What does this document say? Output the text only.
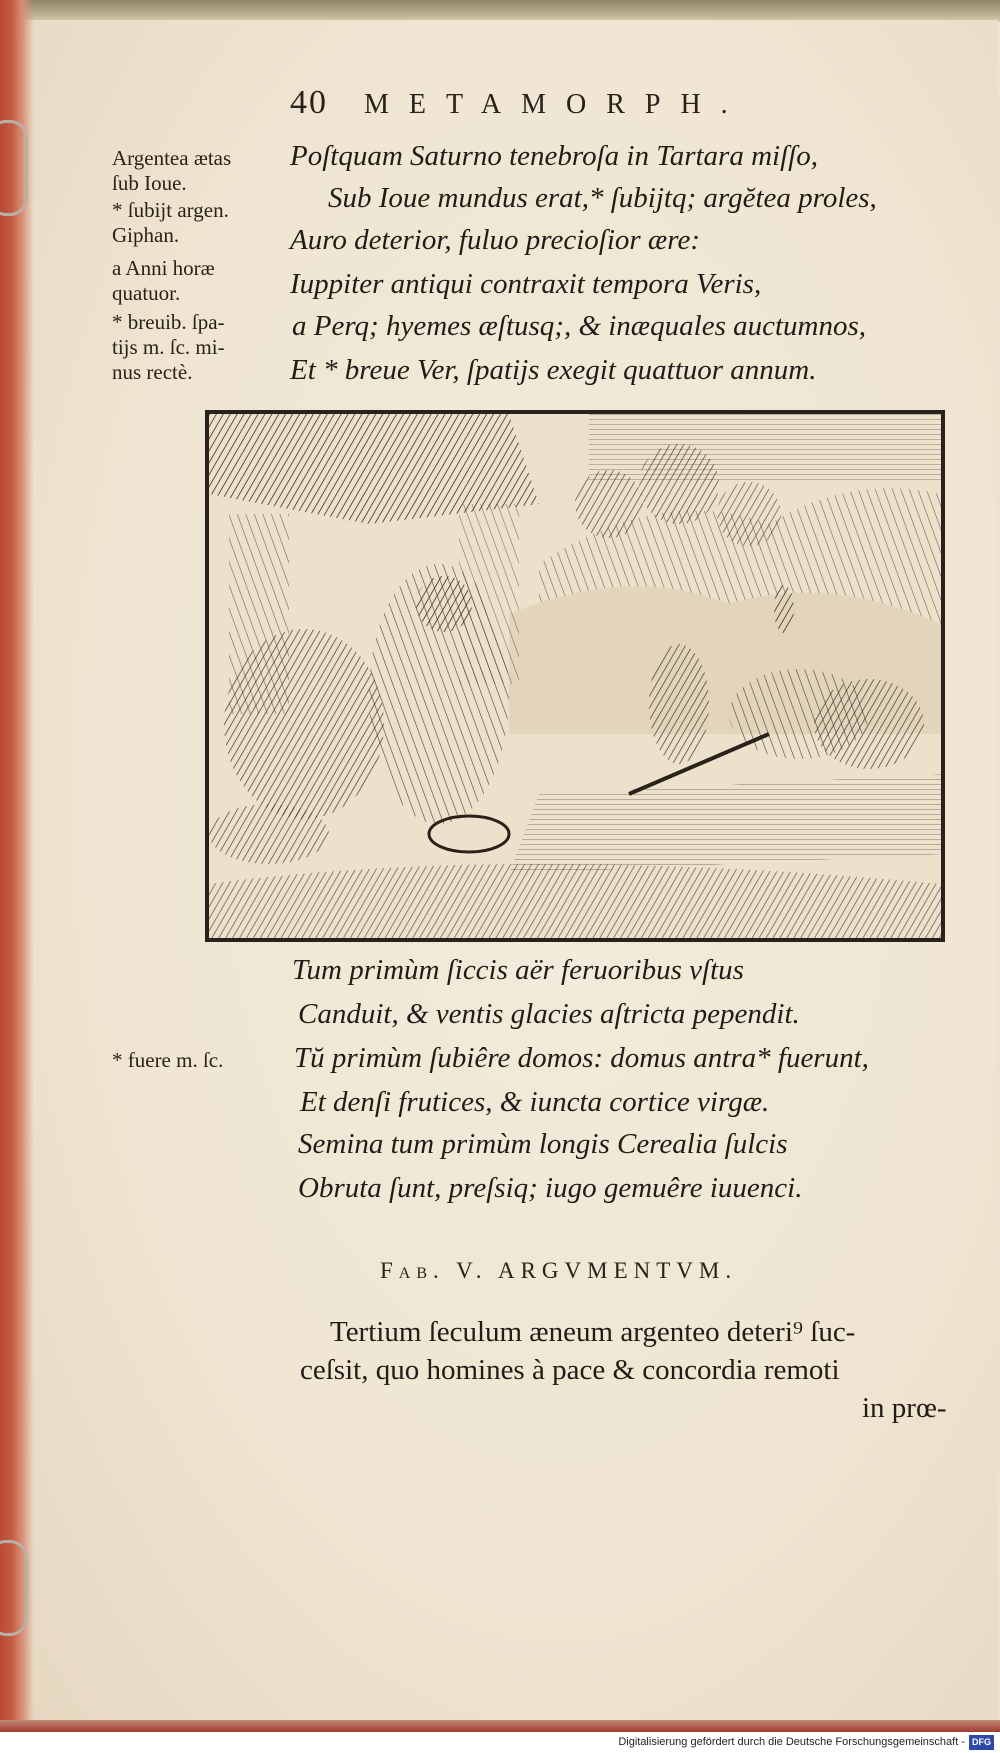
40 METAMORPH.
Argentea ætas
ſub Ioue.
* ſubijt argen.
Giphan.
a Anni horæ
quatuor.
* breuib. ſpa-
tijs m. ſc. mi-
nus rectè.
* fuere m. ſc.
Poſtquam Saturno tenebroſa in Tartara miſſo,
Sub Ioue mundus erat,* ſubijtq; argĕtea proles,
Auro deterior, fuluo precioſior ære:
Iuppiter antiqui contraxit tempora Veris,
a Perq; hyemes æſtusq;, & inæquales auctumnos,
Et * breue Ver, ſpatijs exegit quattuor annum.
Tum primùm ſiccis aër feruoribus vſtus
Canduit, & ventis glacies aſtricta pependit.
Tŭ primùm ſubiêre domos: domus antra* fuerunt,
Et denſi frutices, & iuncta cortice virgæ.
Semina tum primùm longis Cerealia ſulcis
Obruta ſunt, preſsiq; iugo gemuêre iuuenci.
Fab. V. ARGVMENTVM.
Tertium ſeculum æneum argenteo deteri⁹ ſuc-
ceſsit, quo homines à pace & concordia remoti
in prœ-
Digitalisierung gefördert durch die Deutsche Forschungsgemeinschaft - DFG
